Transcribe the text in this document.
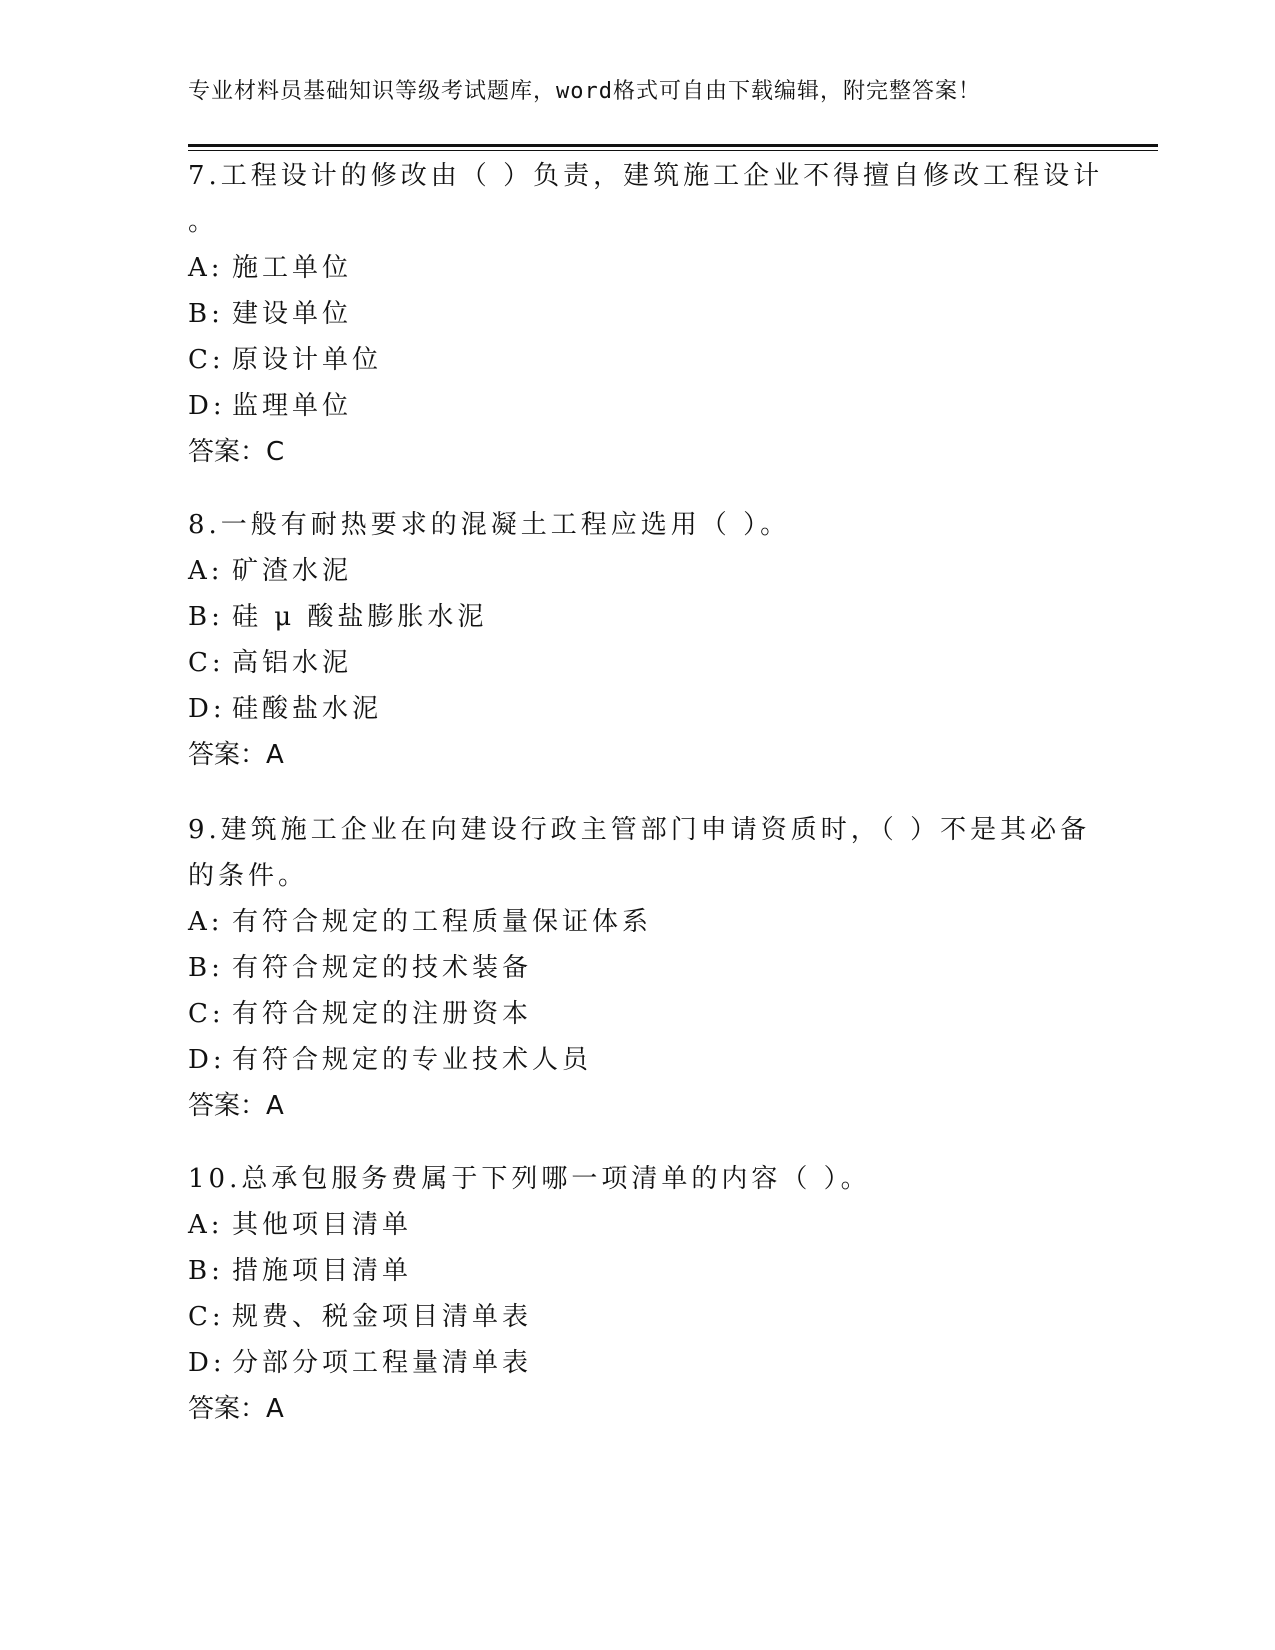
专业材料员基础知识等级考试题库，word格式可自由下载编辑，附完整答案！
7.工程设计的修改由（ ）负责，建筑施工企业不得擅自修改工程设计
。
A: 施工单位
B: 建设单位
C: 原设计单位
D: 监理单位
答案：C
8.一般有耐热要求的混凝土工程应选用（ ）。
A: 矿渣水泥
B: 硅 μ 酸盐膨胀水泥
C: 高铝水泥
D: 硅酸盐水泥
答案：A
9.建筑施工企业在向建设行政主管部门申请资质时，（ ）不是其必备
的条件。
A: 有符合规定的工程质量保证体系
B: 有符合规定的技术装备
C: 有符合规定的注册资本
D: 有符合规定的专业技术人员
答案：A
10.总承包服务费属于下列哪一项清单的内容（ ）。
A: 其他项目清单
B: 措施项目清单
C: 规费、税金项目清单表
D: 分部分项工程量清单表
答案：A
